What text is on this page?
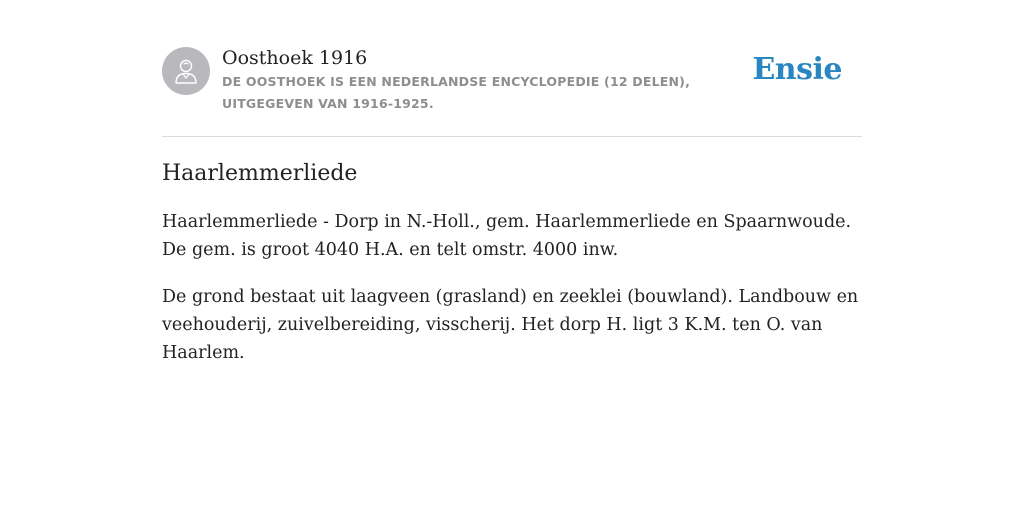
Oosthoek 1916
DE OOSTHOEK IS EEN NEDERLANDSE ENCYCLOPEDIE (12 DELEN), UITGEGEVEN VAN 1916-1925.
Ensie
Haarlemmerliede

Haarlemmerliede - Dorp in N.-Holl., gem. Haarlemmerliede en Spaarnwoude. De gem. is groot 4040 H.A. en telt omstr. 4000 inw.

De grond bestaat uit laagveen (grasland) en zeeklei (bouwland). Landbouw en veehouderij, zuivelbereiding, visscherij. Het dorp H. ligt 3 K.M. ten O. van Haarlem.
